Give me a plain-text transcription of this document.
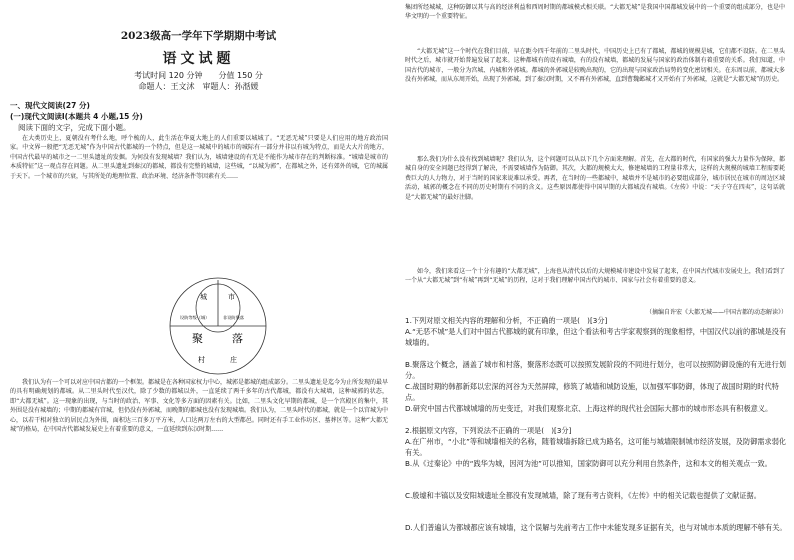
2023级高一学年下学期期中考试
语文试题
考试时间 120 分钟　　分值 150 分
命题人：王文沭　审题人：孙湉媛
一、现代文阅读(27 分)
(一)现代文阅读I(本题共 4 小题,15 分)
阅读下面的文字，完成下面小题。

在大类历史上，夏朝没有考什么地，呼个梳的人，此生活在华夏大地上的人们重要以城城了。“无恶无城”只要是人们应用的地方政治国家。中文界一般把“无恶无城”作为中国古代都城的一个特点，但是这一城城中的城市的城际有一部分并非以有城为特点，而是大大片的地方，中国古代最早的城市之一二里头遗址的发掘。为何没有发现城墙？我们认为，城墙建设的有无是不能作为城市存在的判断标准。“城墙是城市的本质特征”这一观点存在问题。从二里头遗址到秦汉的都城，都没有完整的城墙，这些城，“以城为郭”，在都城之外，还有郊外的城，它的城属于天下。一个城市的兴衰，与其所处的地理位置、政治环境、经济条件等因素有关……

城	市
设防等级（城）	非设防聚落
聚	落
村	庄

我们认为有一个可以对应中国古都的一个框架。都城是在各种国家权力中心，城郭是都城的组成部分。二里头遗址是迄今为止所发现的最早的具有明确规划的都城。从二里头时代至汉代，除了少数的都城以外，一直延续了两千多年的古代都城，都没有大城墙，这种城郭的状态，即“大都无城”。这一现象的出现，与当时的政治、军事、文化等多方面的因素有关。比如，二里头文化早期的都城，是一个宫殿区的集中，其外围是没有城墙的；中期的都城有宫城，但仍没有外郭城，而晚期的都城也没有发现城墙。我们认为，二里头时代的都城，就是一个以宫城为中心，以若干相对独立的居民点为外围，面积达三百多万平方米，人口达两万左右的大型都邑。同时还有手工业作坊区、墓葬区等。这种“大都无城”的格局，在中国古代都城发展史上有着重要的意义，一直延续到东汉时期……

集团所经城城，这种防御以其与高的经济利益和西周时期的都城模式相关联。“大都无城”是我国中国都城发展中的一个重要的组成部分，也是中华文明的一个重要特征。

“大都无城”这一个时代在我们目前，早在距今四千年前的二里头时代，中国历史上已有了都城，都城的规模是城，它们都不设防。在二里头时代之后，城市就开始普遍发展了起来。这种都城有的设有城墙，有的没有城墙，都城的发展与国家的政治体制有着重要的关系。我们知道，中国古代的城市，一般分为宫城、内城和外郭城。都城的外郭城是较晚出现的，它的出现与国家政治局势的变化密切相关。在东周以前，都城大多没有外郭城，而从东周开始，出现了外郭城。到了秦汉时期，又不再有外郭城，直到曹魏邺城才又开始有了外郭城，这就是“大都无城”的历史。

那么我们为什么没有找到城墙呢？我们认为，这个问题可以从以下几个方面来理解。首先，在大都的时代，有国家的强大力量作为保障，都城自身的安全问题已经得到了解决，不需要城墙作为防御。其次，大都的规模太大，修建城墙的工程量非常大，这样的大规模的城墙工程需要耗费巨大的人力物力，对于当时的国家来说难以承受。再者，在当时的一些都城中，城墙并不是城市的必要组成部分，城市居民在城市的周边区域活动，城郭的概念在不同的历史时期有不同的含义。这些原因都使得中国早期的大都城没有城墙。《左传》中说：“天子守在四夷”，这句话就是“大都无城”的最好注脚。

如今，我们来看这一个十分有趣的“大都无城”，上海也从清代以后的大规模城市建设中发展了起来，在中国古代城市发展史上，我们看到了一个从“大都无城”到“有城”再到“无城”的历程，这对于我们理解中国古代的城市、国家与社会有着重要的意义。

（摘编自许宏《大都无城——中国古都的动态解读》）

1.下列对原文相关内容的理解和分析，不正确的一项是(　)[3分]

A.“无恶不城”是人们对中国古代都城的就有印象，但这个看法和考古学家观察到的现象相悖，中国汉代以前的都城是没有城墙的。

B.聚落这个概念，涵盖了城市和村落，聚落形态既可以按照发展阶段的不同进行划分，也可以按照防御设施的有无进行划分。

C.战国时期的韩都新郑以宏深的河谷为天然屏障，修筑了城墙和城防设施，以加强军事防御，体现了战国时期的时代特点。

D.研究中国古代都城城墙的历史变迁，对我们观察北京、上海这样的现代社会国际大都市的城市形态具有积极意义。

2.根据原文内容，下列说法不正确的一项是(　)[3分]

A.在广州市，“小北”等和城墙相关的名称，随着城墙拆除已成为路名，这可能与城墙限制城市经济发展，及防御需求弱化有关。

B.从《过秦论》中的“践华为城，因河为池”可以推知，国家防御可以充分利用自然条件，这和本文的相关观点一致。

C.殷墟和丰镐以及安阳城遗址全都没有发现城墙，除了现有考古资料，《左传》中的相关记载也提供了文献证据。

D.人们普遍认为都城都应该有城墙，这个误解与先前考古工作中未能发现多证据有关，也与对城市本质的理解不够有关。
